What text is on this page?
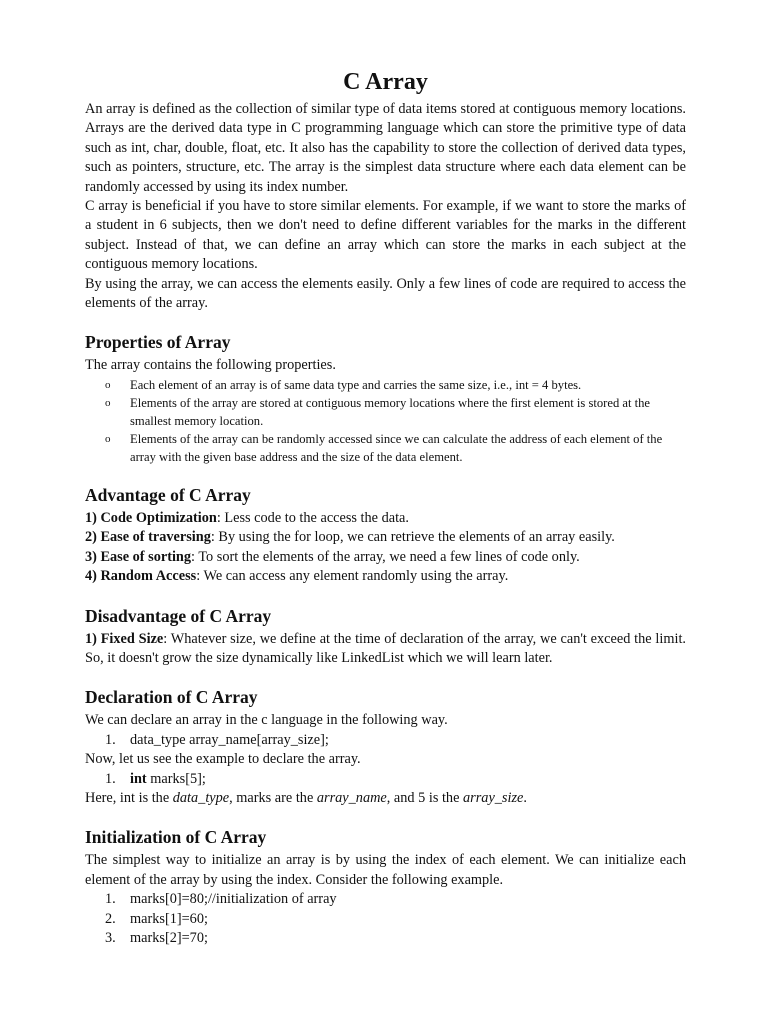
C Array

An array is defined as the collection of similar type of data items stored at contiguous memory locations. Arrays are the derived data type in C programming language which can store the primitive type of data such as int, char, double, float, etc. It also has the capability to store the collection of derived data types, such as pointers, structure, etc. The array is the simplest data structure where each data element can be randomly accessed by using its index number.

C array is beneficial if you have to store similar elements. For example, if we want to store the marks of a student in 6 subjects, then we don't need to define different variables for the marks in the different subject. Instead of that, we can define an array which can store the marks in each subject at the contiguous memory locations.

By using the array, we can access the elements easily. Only a few lines of code are required to access the elements of the array.

Properties of Array

The array contains the following properties.

o Each element of an array is of same data type and carries the same size, i.e., int = 4 bytes.
o Elements of the array are stored at contiguous memory locations where the first element is stored at the smallest memory location.
o Elements of the array can be randomly accessed since we can calculate the address of each element of the array with the given base address and the size of the data element.
Advantage of C Array

1) Code Optimization: Less code to the access the data.

2) Ease of traversing: By using the for loop, we can retrieve the elements of an array easily.

3) Ease of sorting: To sort the elements of the array, we need a few lines of code only.

4) Random Access: We can access any element randomly using the array.

Disadvantage of C Array

1) Fixed Size: Whatever size, we define at the time of declaration of the array, we can't exceed the limit. So, it doesn't grow the size dynamically like LinkedList which we will learn later.

Declaration of C Array

We can declare an array in the c language in the following way.

1. data_type array_name[array_size];

Now, let us see the example to declare the array.

1. int marks[5];

Here, int is the data_type, marks are the array_name, and 5 is the array_size.

Initialization of C Array

The simplest way to initialize an array is by using the index of each element. We can initialize each element of the array by using the index. Consider the following example.

1. marks[0]=80;//initialization of array
2. marks[1]=60;
3. marks[2]=70;
